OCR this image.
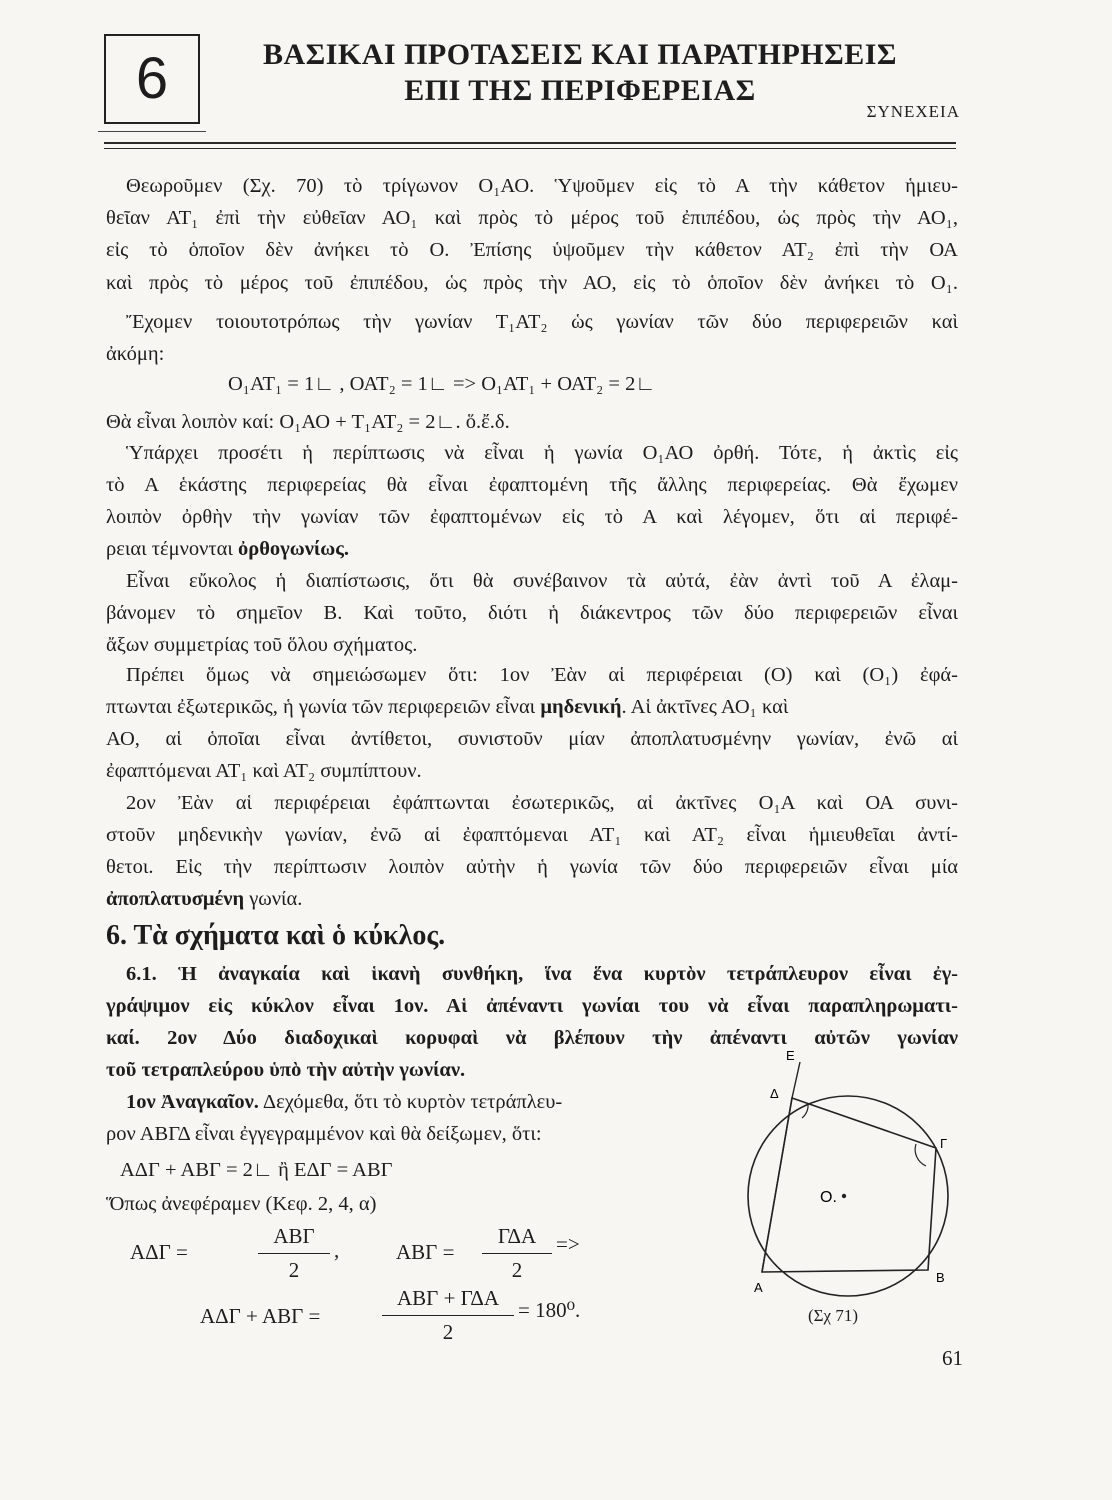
6	ΒΑΣΙΚΑΙ ΠΡΟΤΑΣΕΙΣ ΚΑΙ ΠΑΡΑΤΗΡΗΣΕΙΣ
ΕΠΙ ΤΗΣ ΠΕΡΙΦΕΡΕΙΑΣ
ΣΥΝΕΧΕΙΑ

Θεωροῦμεν (Σχ. 70) τὸ τρίγωνον Ο₁ΑΟ. Ὑψοῦμεν εἰς τὸ Α τὴν κάθετον ἡμιευ-

θεῖαν ΑΤ₁ ἐπὶ τὴν εὐθεῖαν ΑΟ₁ καὶ πρὸς τὸ μέρος τοῦ ἐπιπέδου, ὡς πρὸς τὴν ΑΟ₁,

εἰς τὸ ὁποῖον δὲν ἀνήκει τὸ Ο. Ἐπίσης ὑψοῦμεν τὴν κάθετον ΑΤ₂ ἐπὶ τὴν ΟΑ

καὶ πρὸς τὸ μέρος τοῦ ἐπιπέδου, ὡς πρὸς τὴν ΑΟ, εἰς τὸ ὁποῖον δὲν ἀνήκει τὸ Ο₁.

Ἔχομεν τοιουτοτρόπως τὴν γωνίαν Τ₁ΑΤ₂ ὡς γωνίαν τῶν δύο περιφερειῶν καὶ

ἀκόμη:

Ο₁ΑΤ₁ = 1∟ , ΟΑΤ₂ = 1∟ => Ο₁ΑΤ₁ + ΟΑΤ₂ = 2∟

Θὰ εἶναι λοιπὸν καί: Ο₁ΑΟ + Τ₁ΑΤ₂ = 2∟. ὅ.ἔ.δ.

Ὑπάρχει προσέτι ἡ περίπτωσις νὰ εἶναι ἡ γωνία Ο₁ΑΟ ὀρθή. Τότε, ἡ ἀκτὶς εἰς

τὸ Α ἑκάστης περιφερείας θὰ εἶναι ἐφαπτομένη τῆς ἄλλης περιφερείας. Θὰ ἔχωμεν

λοιπὸν ὀρθὴν τὴν γωνίαν τῶν ἐφαπτομένων εἰς τὸ Α καὶ λέγομεν, ὅτι αἱ περιφέ-

ρειαι τέμνονται ὀρθογωνίως.

Εἶναι εὔκολος ἡ διαπίστωσις, ὅτι θὰ συνέβαινον τὰ αὐτά, ἐὰν ἀντὶ τοῦ Α ἐλαμ-

βάνομεν τὸ σημεῖον Β. Καὶ τοῦτο, διότι ἡ διάκεντρος τῶν δύο περιφερειῶν εἶναι

ἄξων συμμετρίας τοῦ ὅλου σχήματος.

Πρέπει ὅμως νὰ σημειώσωμεν ὅτι: 1ον Ἐὰν αἱ περιφέρειαι (Ο) καὶ (Ο₁) ἐφά-

πτωνται ἐξωτερικῶς, ἡ γωνία τῶν περιφερειῶν εἶναι μηδενική. Αἱ ἀκτῖνες ΑΟ₁ καὶ

ΑΟ, αἱ ὁποῖαι εἶναι ἀντίθετοι, συνιστοῦν μίαν ἀποπλατυσμένην γωνίαν, ἐνῶ αἱ

ἐφαπτόμεναι ΑΤ₁ καὶ ΑΤ₂ συμπίπτουν.

2ον Ἐὰν αἱ περιφέρειαι ἐφάπτωνται ἐσωτερικῶς, αἱ ἀκτῖνες Ο₁Α καὶ ΟΑ συνι-

στοῦν μηδενικὴν γωνίαν, ἐνῶ αἱ ἐφαπτόμεναι ΑΤ₁ καὶ ΑΤ₂ εἶναι ἡμιευθεῖαι ἀντί-

θετοι. Εἰς τὴν περίπτωσιν λοιπὸν αὐτὴν ἡ γωνία τῶν δύο περιφερειῶν εἶναι μία

ἀποπλατυσμένη γωνία.

6. Τὰ σχήματα καὶ ὁ κύκλος.

6.1. Ἡ ἀναγκαία καὶ ἱκανὴ συνθήκη, ἵνα ἕνα κυρτὸν τετράπλευρον εἶναι ἐγ-

γράψιμον εἰς κύκλον εἶναι 1ον. Αἱ ἀπέναντι γωνίαι του νὰ εἶναι παραπληρωματι-

καί. 2ον Δύο διαδοχικαὶ κορυφαὶ νὰ βλέπουν τὴν ἀπέναντι αὐτῶν γωνίαν

τοῦ τετραπλεύρου ὑπὸ τὴν αὐτὴν γωνίαν.

1ον Ἀναγκαῖον. Δεχόμεθα, ὅτι τὸ κυρτὸν τετράπλευ-

ρον ΑΒΓΔ εἶναι ἐγγεγραμμένον καὶ θὰ δείξωμεν, ὅτι:

ΑΔΓ + ΑΒΓ = 2∟ ἢ ΕΔΓ = ΑΒΓ

Ὅπως ἀνεφέραμεν (Κεφ. 2, 4, α)

ΑΔΓ =
ΑΒΓ
2
,	ΑΒΓ =
ΓΔΑ
2
=>
ΑΔΓ + ΑΒΓ =
ΑΒΓ + ΓΔΑ
2
= 180⁰.
E
Δ
Γ
O.
B
A
(Σχ 71)
61
